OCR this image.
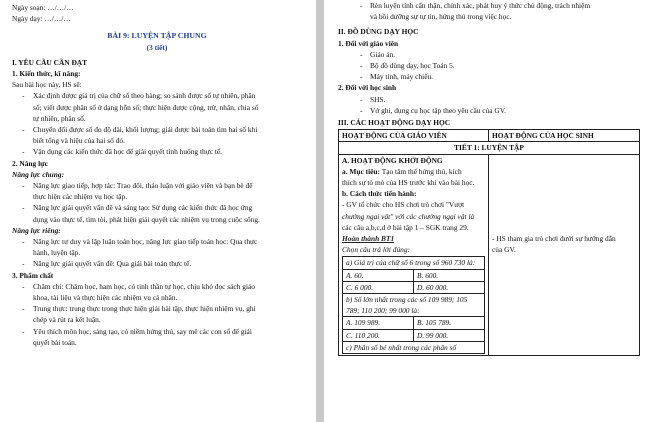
Ngày soạn: …/…/…
Ngày dạy: …/…/…
BÀI 9: LUYỆN TẬP CHUNG
(3 tiết)
I. YÊU CẦU CẦN ĐẠT
1. Kiến thức, kĩ năng:
Sau bài học này, HS sẽ:
-	Xác định được giá trị của chữ số theo hàng; so sánh được số tự nhiên, phân
số; viết được phân số ở dạng hỗn số; thực hiện được cộng, trừ, nhân, chia số
tự nhiên, phân số.
-	Chuyển đổi được số đo độ dài, khối lượng; giải được bài toán tìm hai số khi
biết tổng và hiệu của hai số đó.
-	Vận dụng các kiến thức đã học để giải quyết tình huống thực tế.
2. Năng lực
Năng lực chung:
-	Năng lực giao tiếp, hợp tác: Trao đổi, thảo luận với giáo viên và bạn bè để
thực hiện các nhiệm vụ học tập.
-	Năng lực giải quyết vấn đề và sáng tạo: Sử dụng các kiến thức đã học ứng
dụng vào thực tế, tìm tòi, phát hiện giải quyết các nhiệm vụ trong cuộc sống.
Năng lực riêng:
-	Năng lực tư duy và lập luận toán học, năng lực giao tiếp toán học: Qua thực
hành, luyện tập.
-	Năng lực giải quyết vấn đề: Qua giải bài toán thực tế.
3. Phẩm chất
-	Chăm chỉ: Chăm học, ham học, có tinh thần tự học, chịu khó đọc sách giáo
khoa, tài liệu và thực hiện các nhiệm vụ cá nhân.
-	Trung thực: trung thực trong thực hiện giải bài tập, thực hiện nhiệm vụ, ghi
chép và rút ra kết luận.
-	Yêu thích môn học, sáng tạo, có niềm hứng thú, say mê các con số để giải
quyết bài toán.
-	Rèn luyện tính cẩn thận, chính xác, phát huy ý thức chủ động, trách nhiệm
và bồi dưỡng sự tự tin, hứng thú trong việc học.
II. ĐỒ DÙNG DẠY HỌC
1. Đối với giáo viên
-	Giáo án.
-	Bộ đồ dùng dạy, học Toán 5.
-	Máy tính, máy chiếu.
2. Đối với học sinh
-	SHS.
-	Vở ghi, dụng cụ học tập theo yêu cầu của GV.
III. CÁC HOẠT ĐỘNG DẠY HỌC
HOẠT ĐỘNG CỦA GIÁO VIÊN	HOẠT ĐỘNG CỦA HỌC SINH
TIẾT 1: LUYỆN TẬP

A. HOẠT ĐỘNG KHỞI ĐỘNG
a. Mục tiêu: Tạo tâm thế hứng thú, kích
thích sự tò mò của HS trước khi vào bài học.
b. Cách thức tiến hành:
- GV tổ chức cho HS chơi trò chơi "Vượt
chướng ngại vật" với các chướng ngại vật là
các câu a,b,c,d ở bài tập 1 – SGK trang 29.
Hoàn thành BT1
Chọn câu trả lời đúng:
a) Giá trị của chữ số 6 trong số 960 730 là:
A. 60.	B. 600.
C. 6 000.	D. 60 000.
b) Số lớn nhất trong các số 109 989; 105
789; 110 200; 99 000 là:
A. 109 989.	B. 105 789.
C. 110 200.	D. 99 000.
c) Phân số bé nhất trong các phân số

- HS tham gia trò chơi dưới sự hướng dẫn
của GV.
